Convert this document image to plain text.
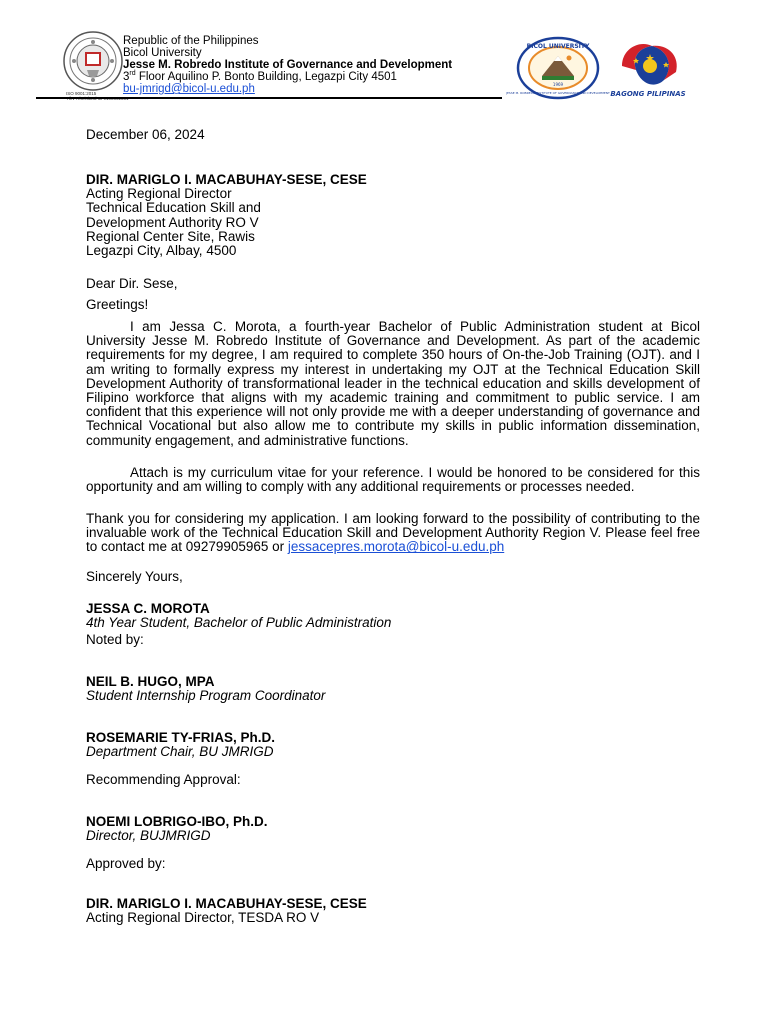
Republic of the Philippines
Bicol University
Jesse M. Robredo Institute of Governance and Development
3rd Floor Aquilino P. Bonto Building, Legazpi City 4501
bu-jmrigd@bicol-u.edu.ph
ISO 9001:2015
BICOL UNIVERSITY
JESSE M. ROBREDO INSTITUTE OF GOVERNANCE AND DEVELOPMENT
1969
BAGONG PILIPINAS
December 06, 2024
DIR. MARIGLO I. MACABUHAY-SESE, CESE
Acting Regional Director
Technical Education Skill and
Development Authority RO V
Regional Center Site, Rawis
Legazpi City, Albay, 4500
Dear Dir. Sese,
Greetings!
I am Jessa C. Morota, a fourth-year Bachelor of Public Administration student at Bicol University Jesse M. Robredo Institute of Governance and Development. As part of the academic requirements for my degree, I am required to complete 350 hours of On-the-Job Training (OJT). and I am writing to formally express my interest in undertaking my OJT at the Technical Education Skill Development Authority of transformational leader in the technical education and skills development of Filipino workforce that aligns with my academic training and commitment to public service. I am confident that this experience will not only provide me with a deeper understanding of governance and Technical Vocational but also allow me to contribute my skills in public information dissemination, community engagement, and administrative functions.
Attach is my curriculum vitae for your reference. I would be honored to be considered for this opportunity and am willing to comply with any additional requirements or processes needed.
Thank you for considering my application. I am looking forward to the possibility of contributing to the invaluable work of the Technical Education Skill and Development Authority Region V. Please feel free to contact me at 09279905965 or jessacepres.morota@bicol-u.edu.ph
Sincerely Yours,
JESSA C. MOROTA
4th Year Student, Bachelor of Public Administration
Noted by:
NEIL B. HUGO, MPA
Student Internship Program Coordinator
ROSEMARIE TY-FRIAS, Ph.D.
Department Chair, BU JMRIGD
Recommending Approval:
NOEMI LOBRIGO-IBO, Ph.D.
Director, BUJMRIGD
Approved by:
DIR. MARIGLO I. MACABUHAY-SESE, CESE
Acting Regional Director, TESDA RO V
